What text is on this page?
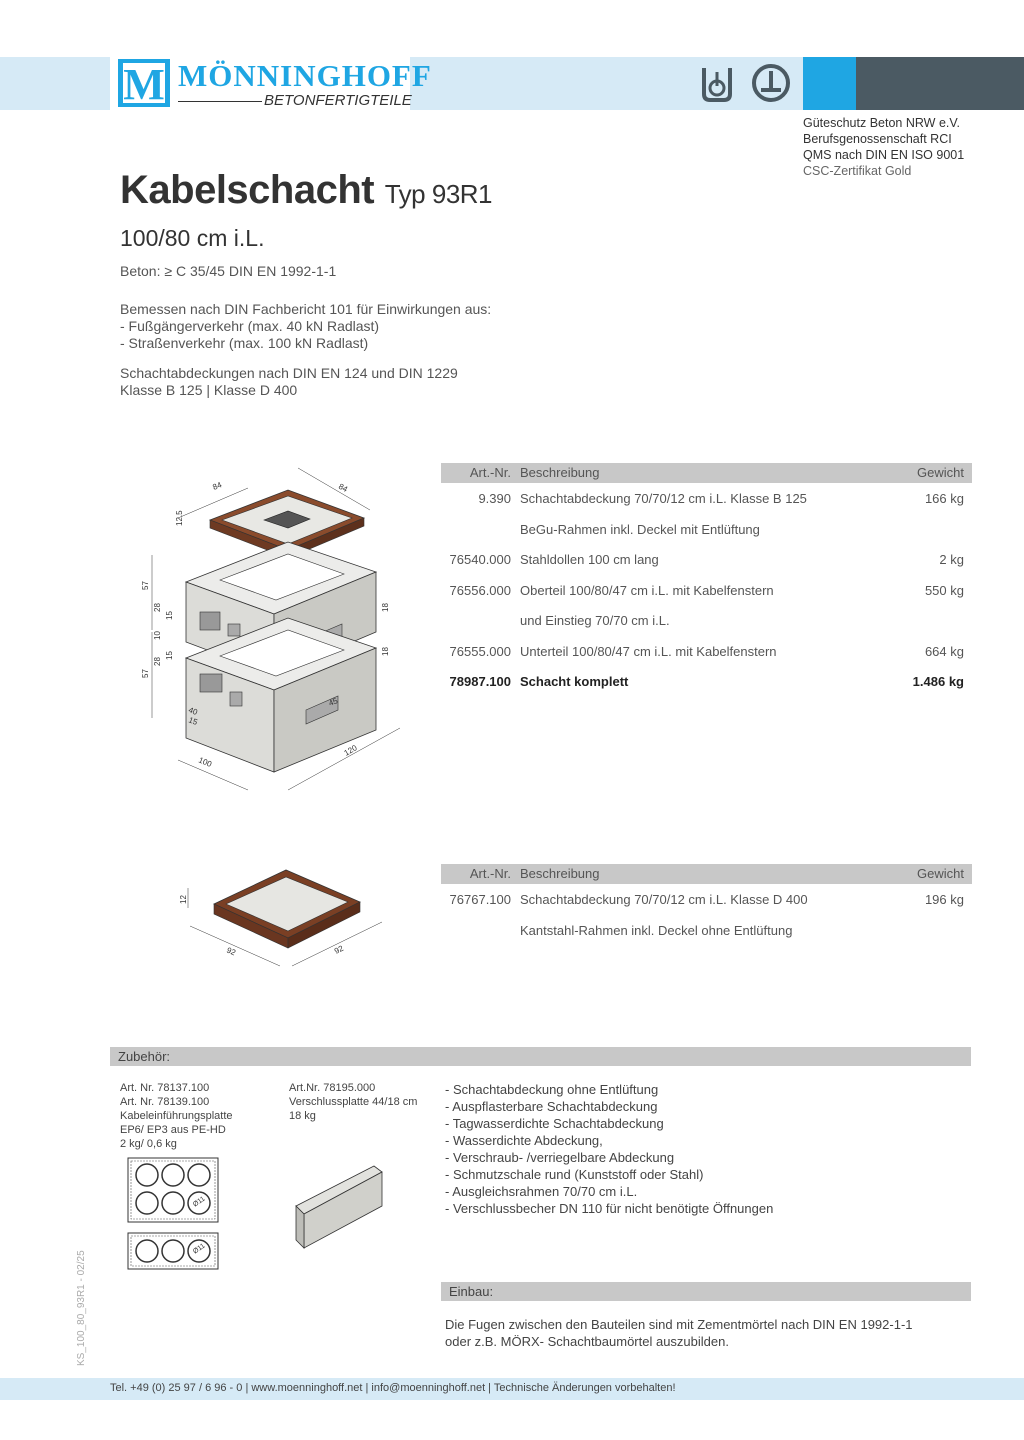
M MÖNNINGHOFF
BETONFERTIGTEILE
Güteschutz Beton NRW e.V.
Berufsgenossenschaft RCI
QMS nach DIN EN ISO 9001
CSC-Zertifikat Gold
Kabelschacht Typ 93R1
100/80 cm i.L.
Beton: ≥ C 35/45 DIN EN 1992-1-1
Bemessen nach DIN Fachbericht 101 für Einwirkungen aus:
- Fußgängerverkehr (max. 40 kN Radlast)
- Straßenverkehr (max. 100 kN Radlast)
Schachtabdeckungen nach DIN EN 124 und DIN 1229
Klasse B 125 | Klasse D 400
84	84
12.5
57
28
15
57
28
15
10
18
18
45
40
15
100
120
Art.-Nr. Beschreibung	Gewicht
9.390 Schachtabdeckung 70/70/12 cm i.L. Klasse B 125	166 kg
BeGu-Rahmen inkl. Deckel mit Entlüftung
76540.000 Stahldollen 100 cm lang	2 kg
76556.000 Oberteil 100/80/47 cm i.L. mit Kabelfenstern	550 kg
und Einstieg 70/70 cm i.L.
76555.000 Unterteil 100/80/47 cm i.L. mit Kabelfenstern	664 kg
78987.100 Schacht komplett	1.486 kg
12
92	92
Art.-Nr. Beschreibung	Gewicht
76767.100 Schachtabdeckung 70/70/12 cm i.L. Klasse D 400	196 kg
Kantstahl-Rahmen inkl. Deckel ohne Entlüftung
Zubehör:
Art. Nr. 78137.100
Art. Nr. 78139.100
Kabeleinführungsplatte
EP6/ EP3 aus PE-HD
2 kg/ 0,6 kg
Art.Nr. 78195.000
Verschlussplatte 44/18 cm
18 kg
Ø11
Ø11
- Schachtabdeckung ohne Entlüftung
- Auspflasterbare Schachtabdeckung
- Tagwasserdichte Schachtabdeckung
- Wasserdichte Abdeckung,
- Verschraub- /verriegelbare Abdeckung
- Schmutzschale rund (Kunststoff oder Stahl)
- Ausgleichsrahmen 70/70 cm i.L.
- Verschlussbecher DN 110 für nicht benötigte Öffnungen
Einbau:
Die Fugen zwischen den Bauteilen sind mit Zementmörtel nach DIN EN 1992-1-1
oder z.B. MÖRX- Schachtbaumörtel auszubilden.
KS_100_80_93R1 - 02/25
Tel. +49 (0) 25 97 / 6 96 - 0 | www.moenninghoff.net | info@moenninghoff.net | Technische Änderungen vorbehalten!
